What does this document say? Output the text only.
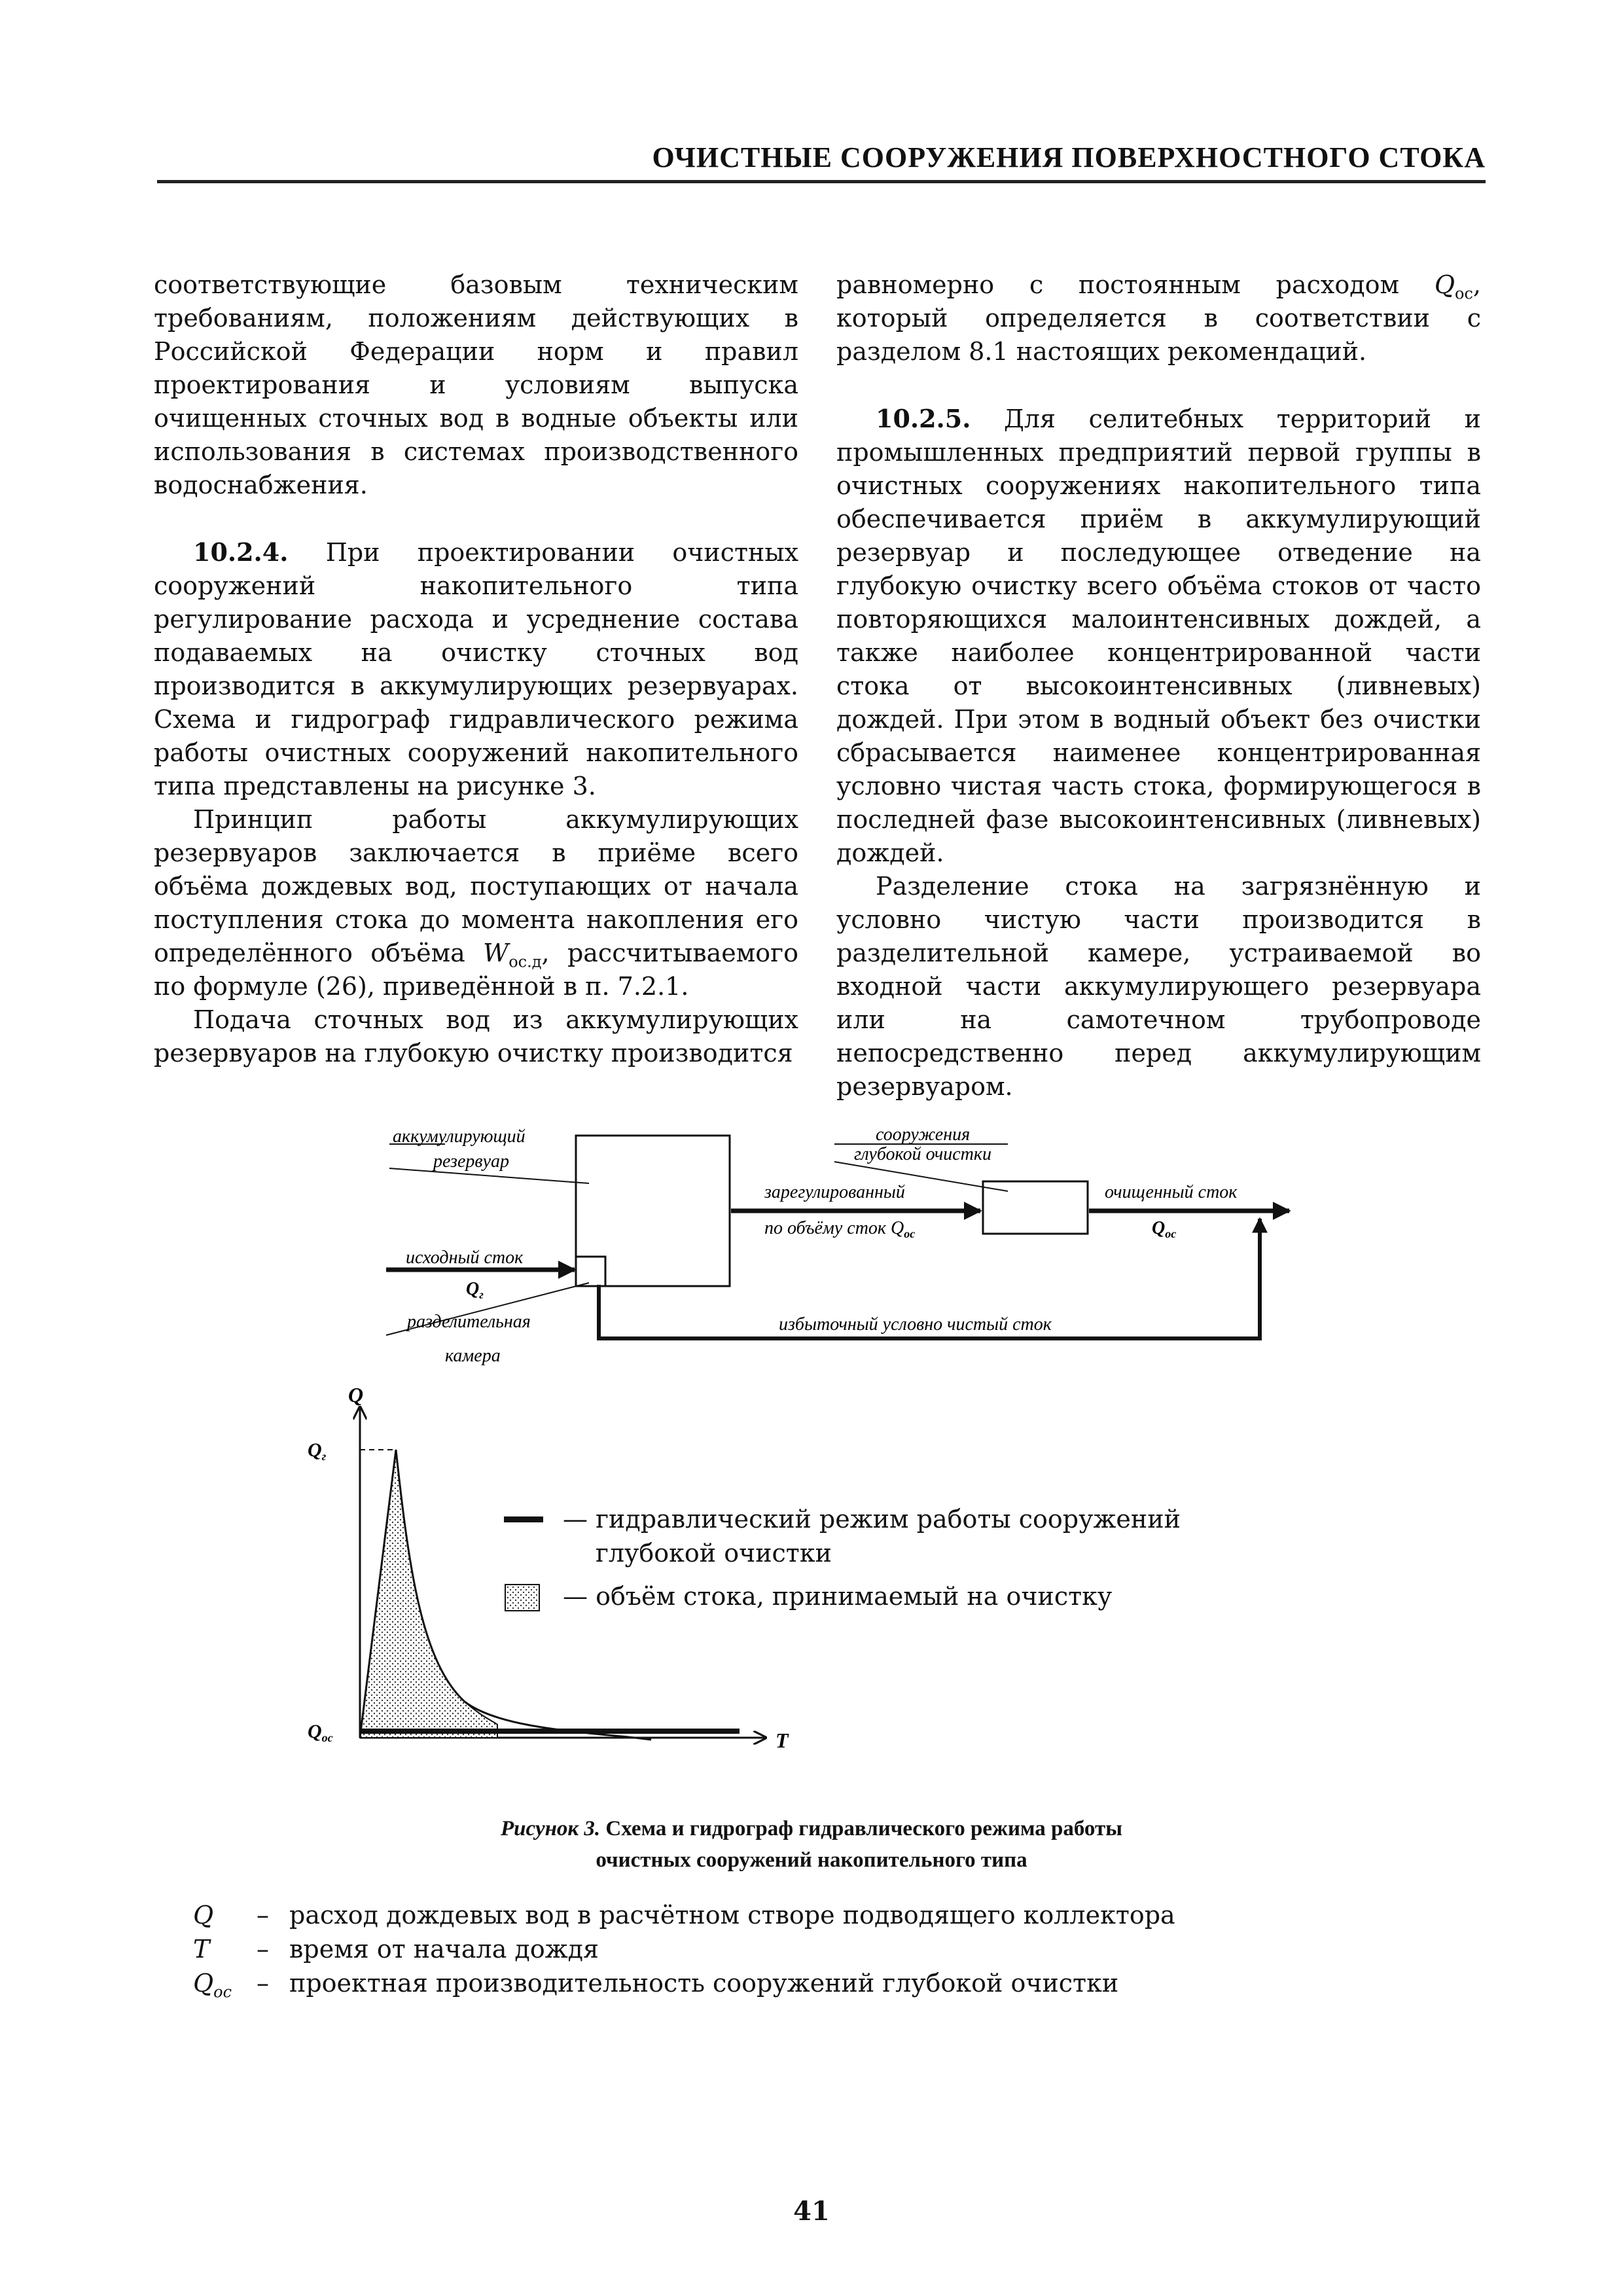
ОЧИСТНЫЕ СООРУЖЕНИЯ ПОВЕРХНОСТНОГО СТОКА

соответствующие базовым техническим требованиям, положениям действующих в Российской Федерации норм и правил проектирования и условиям выпуска очищенных сточных вод в водные объекты или использования в системах производственного водоснабжения.

10.2.4. При проектировании очистных сооружений накопительного типа регулирование расхода и усреднение состава подаваемых на очистку сточных вод производится в аккумулирующих резервуарах. Схема и гидрограф гидравлического режима работы очистных сооружений накопительного типа представлены на рисунке 3.

Принцип работы аккумулирующих резервуаров заключается в приёме всего объёма дождевых вод, поступающих от начала поступления стока до момента накопления его определённого объёма $W_{ос.д}$, рассчитываемого по формуле (26), приведённой в п. 7.2.1.

Подача сточных вод из аккумулирующих резервуаров на глубокую очистку производится

равномерно с постоянным расходом $Q_{ос}$, который определяется в соответствии с разделом 8.1 настоящих рекомендаций.

10.2.5. Для селитебных территорий и промышленных предприятий первой группы в очистных сооружениях накопительного типа обеспечивается приём в аккумулирующий резервуар и последующее отведение на глубокую очистку всего объёма стоков от часто повторяющихся малоинтенсивных дождей, а также наиболее концентрированной части стока от высокоинтенсивных (ливневых) дождей. При этом в водный объект без очистки сбрасывается наименее концентрированная условно чистая часть стока, формирующегося в последней фазе высокоинтенсивных (ливневых) дождей.

Разделение стока на загрязнённую и условно чистую части производится в разделительной камере, устраиваемой во входной части аккумулирующего резервуара или на самотечном трубопроводе непосредственно перед аккумулирующим резервуаром.

аккумулирующий
резервуар
исходный сток
$Q_г$
разделительная
камера
зарегулированный
по объёму сток $Q_{ос}$
сооружения
глубокой очистки
очищенный сток
$Q_{ос}$
избыточный условно чистый сток
Q
T
$Q_г$
$Q_{ос}$
— гидравлический режим работы сооружений
глубокой очистки
— объём стока, принимаемый на очистку
Рисунок 3. Схема и гидрограф гидравлического режима работы
очистных сооружений накопительного типа
Q	– расход дождевых вод в расчётном створе подводящего коллектора
T	– время от начала дождя
$Q_{ос}$ – проектная производительность сооружений глубокой очистки
41
